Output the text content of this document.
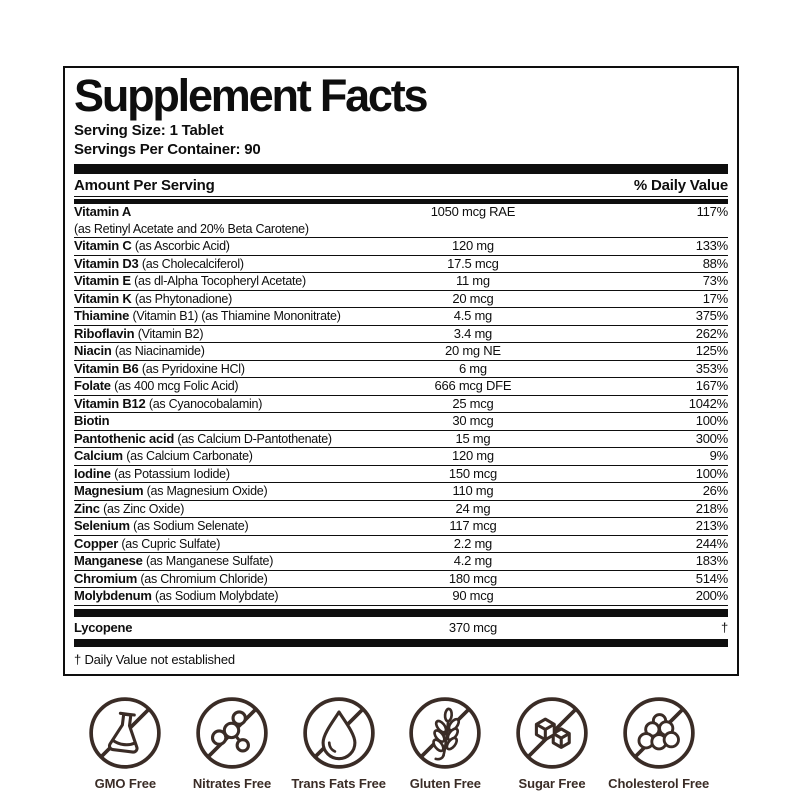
Supplement Facts
Serving Size: 1 Tablet
Servings Per Container: 90
Amount Per Serving	% Daily Value
Vitamin A	1050 mcg RAE	117%
(as Retinyl Acetate and 20% Beta Carotene)
Vitamin C (as Ascorbic Acid)	120 mg	133%
Vitamin D3 (as Cholecalciferol)	17.5 mcg	88%
Vitamin E (as dl-Alpha Tocopheryl Acetate)	11 mg	73%
Vitamin K (as Phytonadione)	20 mcg	17%
Thiamine (Vitamin B1) (as Thiamine Mononitrate)	4.5 mg	375%
Riboflavin (Vitamin B2)	3.4 mg	262%
Niacin (as Niacinamide)	20 mg NE	125%
Vitamin B6 (as Pyridoxine HCl)	6 mg	353%
Folate (as 400 mcg Folic Acid)	666 mcg DFE	167%
Vitamin B12 (as Cyanocobalamin)	25 mcg	1042%
Biotin	30 mcg	100%
Pantothenic acid (as Calcium D-Pantothenate)	15 mg	300%
Calcium (as Calcium Carbonate)	120 mg	9%
Iodine (as Potassium Iodide)	150 mcg	100%
Magnesium (as Magnesium Oxide)	110 mg	26%
Zinc (as Zinc Oxide)	24 mg	218%
Selenium (as Sodium Selenate)	117 mcg	213%
Copper (as Cupric Sulfate)	2.2 mg	244%
Manganese (as Manganese Sulfate)	4.2 mg	183%
Chromium (as Chromium Chloride)	180 mcg	514%
Molybdenum (as Sodium Molybdate)	90 mcg	200%
Lycopene	370 mcg	†
† Daily Value not established
GMO Free	Nitrates Free Trans Fats Free Gluten Free	Sugar Free Cholesterol Free
